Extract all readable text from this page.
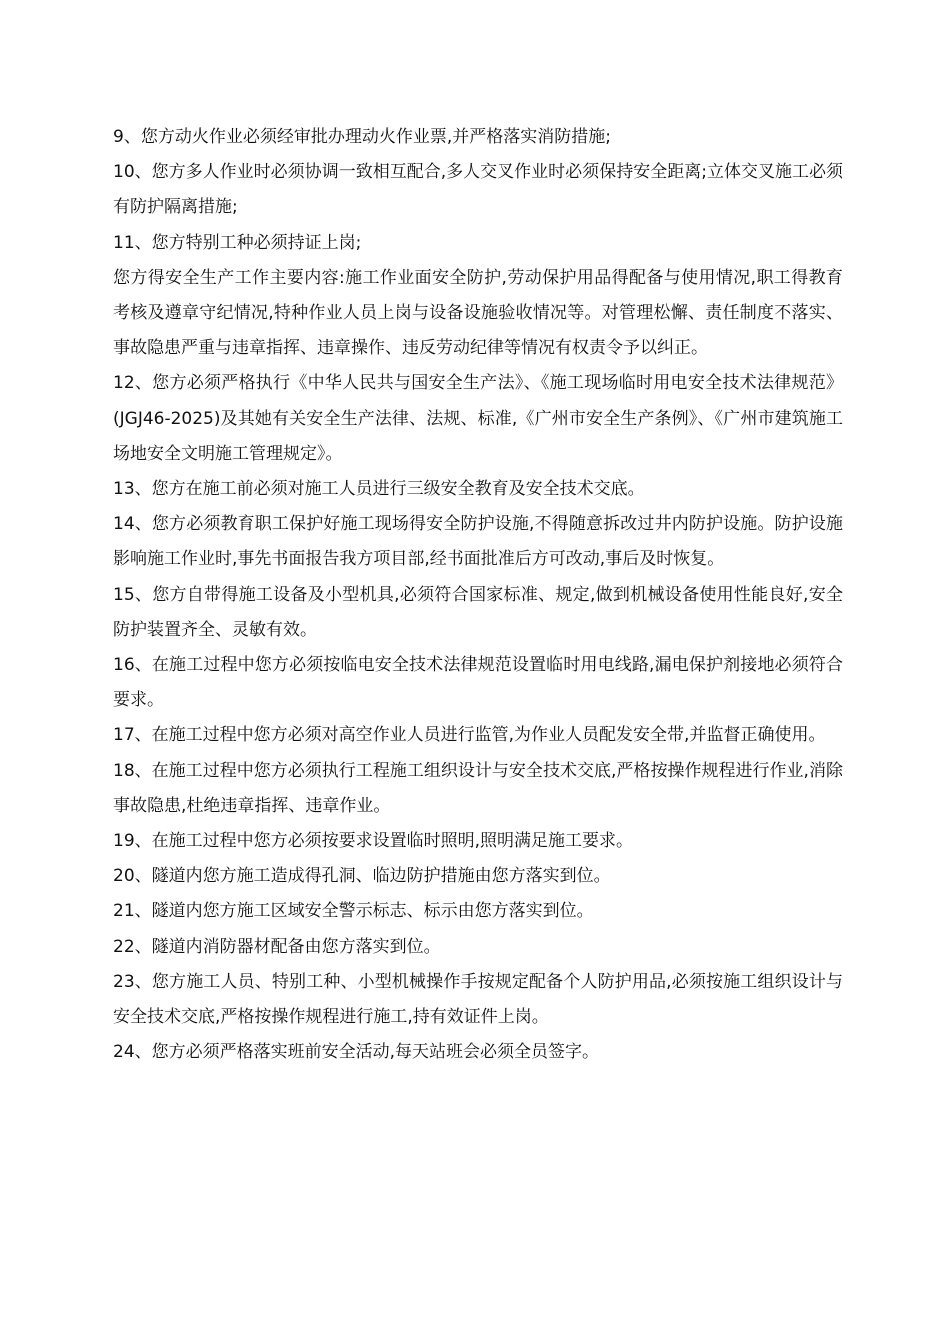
9、您方动火作业必须经审批办理动火作业票,并严格落实消防措施;

10、您方多人作业时必须协调一致相互配合,多人交叉作业时必须保持安全距离;立体交叉施工必须有防护隔离措施;

11、您方特别工种必须持证上岗;

您方得安全生产工作主要内容:施工作业面安全防护,劳动保护用品得配备与使用情况,职工得教育考核及遵章守纪情况,特种作业人员上岗与设备设施验收情况等。对管理松懈、责任制度不落实、事故隐患严重与违章指挥、违章操作、违反劳动纪律等情况有权责令予以纠正。

12、您方必须严格执行《中华人民共与国安全生产法》、《施工现场临时用电安全技术法律规范》(JGJ46-2025)及其她有关安全生产法律、法规、标准,《广州市安全生产条例》、《广州市建筑施工场地安全文明施工管理规定》。

13、您方在施工前必须对施工人员进行三级安全教育及安全技术交底。

14、您方必须教育职工保护好施工现场得安全防护设施,不得随意拆改过井内防护设施。防护设施影响施工作业时,事先书面报告我方项目部,经书面批准后方可改动,事后及时恢复。

15、您方自带得施工设备及小型机具,必须符合国家标准、规定,做到机械设备使用性能良好,安全防护装置齐全、灵敏有效。

16、在施工过程中您方必须按临电安全技术法律规范设置临时用电线路,漏电保护剂接地必须符合要求。

17、在施工过程中您方必须对高空作业人员进行监管,为作业人员配发安全带,并监督正确使用。

18、在施工过程中您方必须执行工程施工组织设计与安全技术交底,严格按操作规程进行作业,消除事故隐患,杜绝违章指挥、违章作业。

19、在施工过程中您方必须按要求设置临时照明,照明满足施工要求。

20、隧道内您方施工造成得孔洞、临边防护措施由您方落实到位。

21、隧道内您方施工区域安全警示标志、标示由您方落实到位。

22、隧道内消防器材配备由您方落实到位。

23、您方施工人员、特别工种、小型机械操作手按规定配备个人防护用品,必须按施工组织设计与安全技术交底,严格按操作规程进行施工,持有效证件上岗。

24、您方必须严格落实班前安全活动,每天站班会必须全员签字。
